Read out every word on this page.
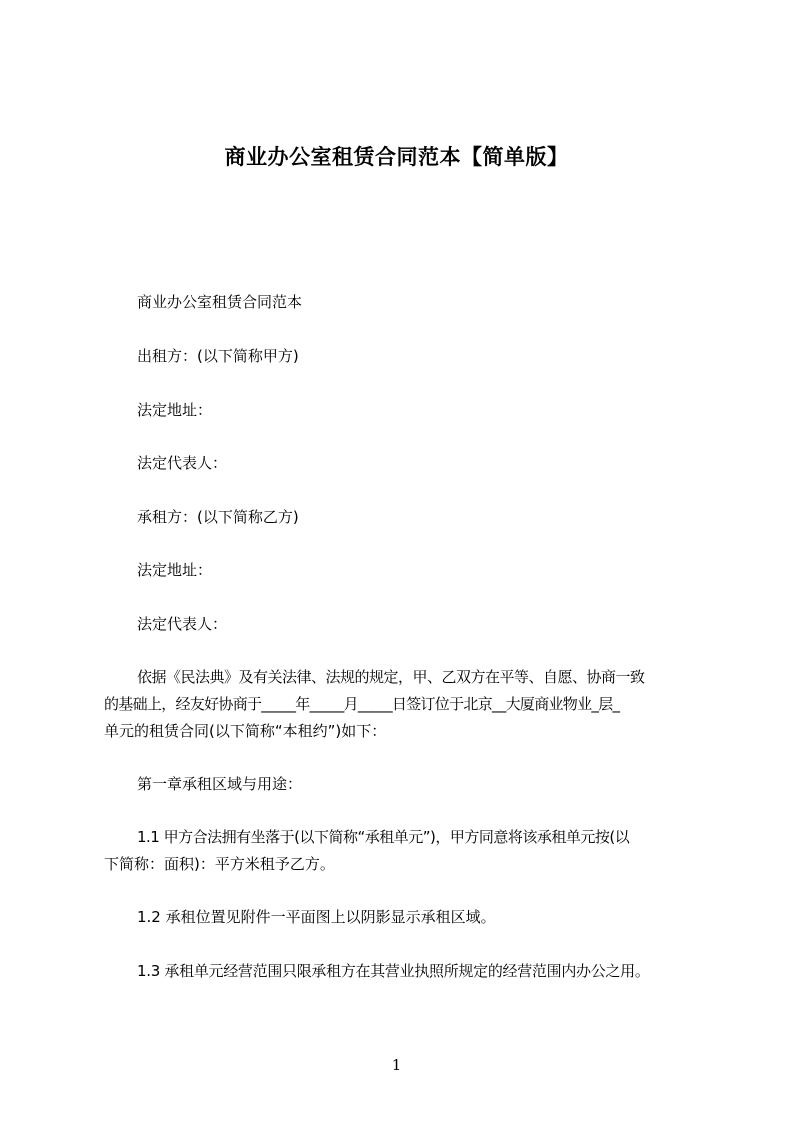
商业办公室租赁合同范本【简单版】
商业办公室租赁合同范本
出租方：(以下简称甲方)
法定地址：
法定代表人：
承租方：(以下简称乙方)
法定地址：
法定代表人：
依据《民法典》及有关法律、法规的规定，甲、乙双方在平等、自愿、协商一致
的基础上，经友好协商于_____年_____月_____日签订位于北京__大厦商业物业_层_
单元的租赁合同(以下简称“本租约”)如下：
第一章承租区域与用途：
1.1 甲方合法拥有坐落于(以下简称“承租单元”)，甲方同意将该承租单元按(以
下简称：面积)：平方米租予乙方。
1.2 承租位置见附件一平面图上以阴影显示承租区域。
1.3 承租单元经营范围只限承租方在其营业执照所规定的经营范围内办公之用。
1
